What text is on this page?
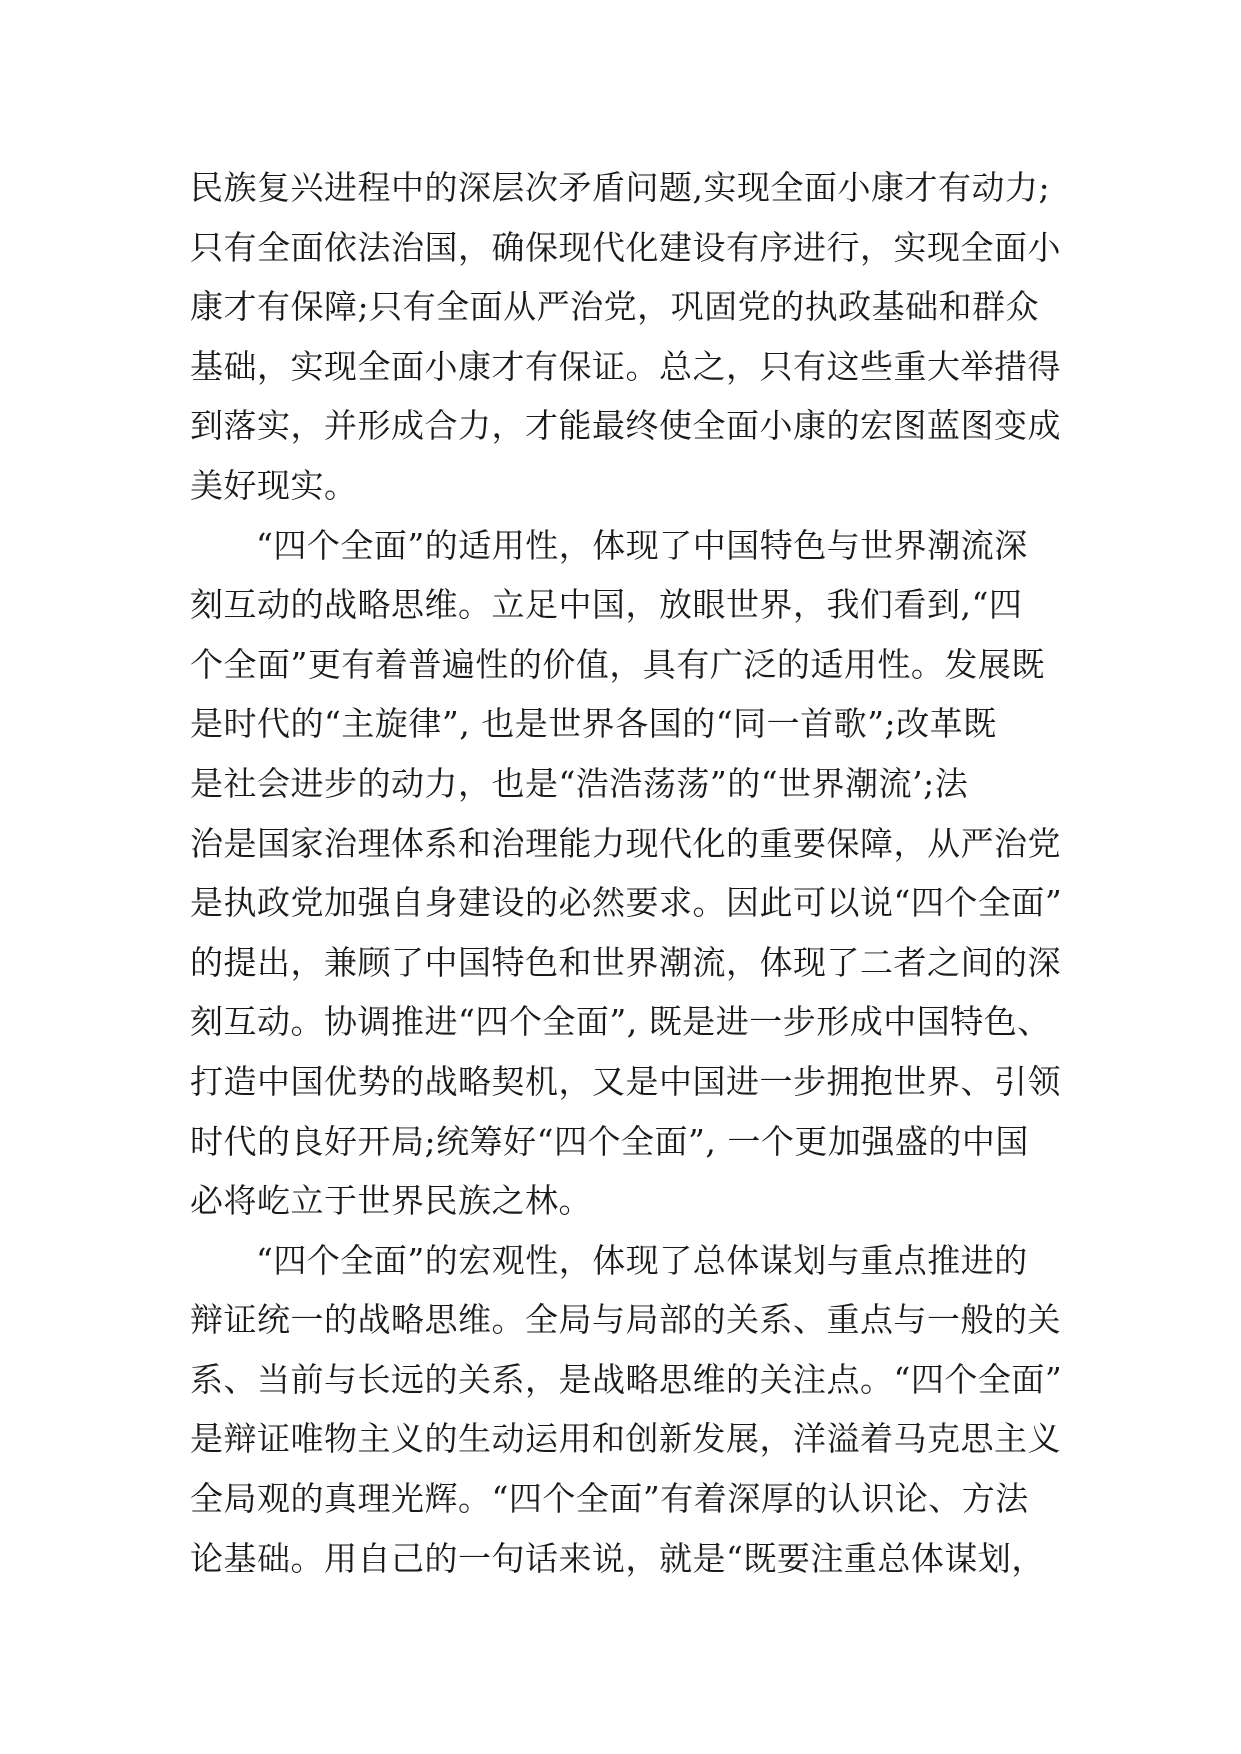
民族复兴进程中的深层次矛盾问题,实现全面小康才有动力;
只有全面依法治国，确保现代化建设有序进行，实现全面小
康才有保障;只有全面从严治党，巩固党的执政基础和群众
基础，实现全面小康才有保证。总之，只有这些重大举措得
到落实，并形成合力，才能最终使全面小康的宏图蓝图变成
美好现实。
“四个全面”的适用性，体现了中国特色与世界潮流深
刻互动的战略思维。立足中国，放眼世界，我们看到,“四
个全面”更有着普遍性的价值，具有广泛的适用性。发展既
是时代的“主旋律”, 也是世界各国的“同一首歌”;改革既
是社会进步的动力，也是“浩浩荡荡”的“世界潮流’;法
治是国家治理体系和治理能力现代化的重要保障，从严治党
是执政党加强自身建设的必然要求。因此可以说“四个全面”
的提出，兼顾了中国特色和世界潮流，体现了二者之间的深
刻互动。协调推进“四个全面”, 既是进一步形成中国特色、
打造中国优势的战略契机，又是中国进一步拥抱世界、引领
时代的良好开局;统筹好“四个全面”, 一个更加强盛的中国
必将屹立于世界民族之林。
“四个全面”的宏观性，体现了总体谋划与重点推进的
辩证统一的战略思维。全局与局部的关系、重点与一般的关
系、当前与长远的关系，是战略思维的关注点。“四个全面”
是辩证唯物主义的生动运用和创新发展，洋溢着马克思主义
全局观的真理光辉。“四个全面”有着深厚的认识论、方法
论基础。用自己的一句话来说，就是“既要注重总体谋划，
